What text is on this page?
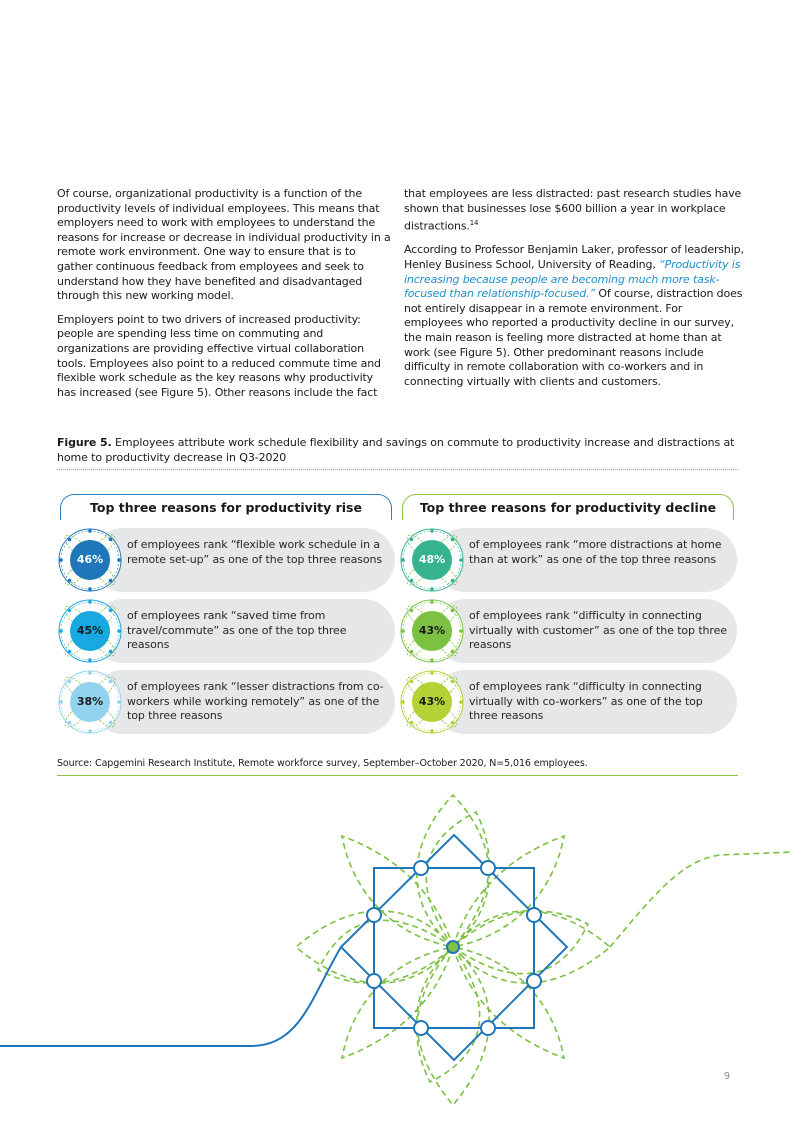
Of course, organizational productivity is a function of the productivity levels of individual employees. This means that employers need to work with employees to understand the reasons for increase or decrease in individual productivity in a remote work environment. One way to ensure that is to gather continuous feedback from employees and seek to understand how they have benefited and disadvantaged through this new working model.

Employers point to two drivers of increased productivity: people are spending less time on commuting and organizations are providing effective virtual collaboration tools. Employees also point to a reduced commute time and flexible work schedule as the key reasons why productivity has increased (see Figure 5). Other reasons include the fact

that employees are less distracted: past research studies have shown that businesses lose $600 billion a year in workplace distractions.$^{14}$

According to Professor Benjamin Laker, professor of leadership, Henley Business School, University of Reading, “Productivity is increasing because people are becoming much more task-focused than relationship-focused.” Of course, distraction does not entirely disappear in a remote environment. For employees who reported a productivity decline in our survey, the main reason is feeling more distracted at home than at work (see Figure 5). Other predominant reasons include difficulty in remote collaboration with co-workers and in connecting virtually with clients and customers.

Figure 5. Employees attribute work schedule flexibility and savings on commute to productivity increase and distractions at home to productivity decrease in Q3-2020
Top three reasons for productivity rise	Top three reasons for productivity decline
of employees rank “flexible work schedule in a remote set-up” as one of the top three reasons
46%
of employees rank “saved time from travel/commute” as one of the top three reasons
45%
of employees rank “lesser distractions from co-workers while working remotely” as one of the top three reasons
38%
of employees rank “more distractions at home than at work” as one of the top three reasons
48%
of employees rank “difficulty in connecting virtually with customer” as one of the top three reasons
43%
of employees rank “difficulty in connecting virtually with co-workers” as one of the top three reasons
43%
Source: Capgemini Research Institute, Remote workforce survey, September–October 2020, N=5,016 employees.
9
